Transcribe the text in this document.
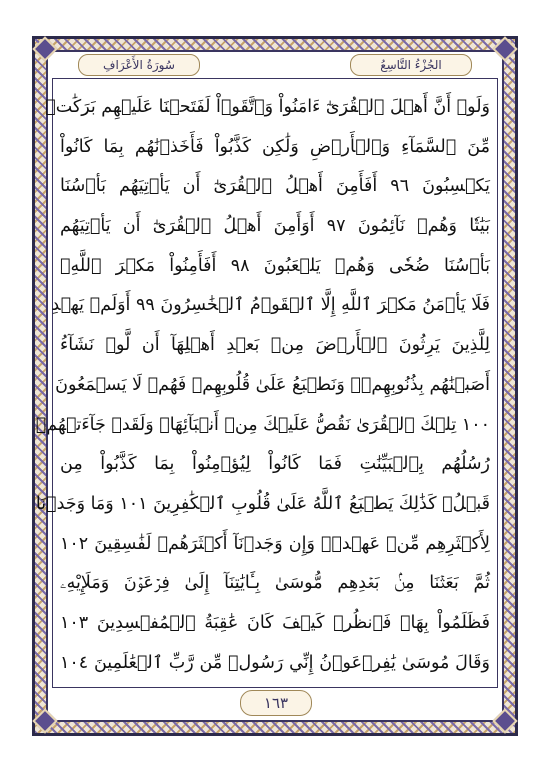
الجُزْءُ التَّاسِعُ
سُورَةُ الأَعْرَافِ
وَلَوۡ أَنَّ أَهۡلَ ٱلۡقُرَىٰٓ ءَامَنُواْ وَٱتَّقَوۡاْ لَفَتَحۡنَا عَلَيۡهِم بَرَكَٰتٖ
مِّنَ ٱلسَّمَآءِ وَٱلۡأَرۡضِ وَلَٰكِن كَذَّبُواْ فَأَخَذۡنَٰهُم بِمَا كَانُواْ
يَكۡسِبُونَ ٩٦ أَفَأَمِنَ أَهۡلُ ٱلۡقُرَىٰٓ أَن يَأۡتِيَهُم بَأۡسُنَا
بَيَٰتٗا وَهُمۡ نَآئِمُونَ ٩٧ أَوَأَمِنَ أَهۡلُ ٱلۡقُرَىٰٓ أَن يَأۡتِيَهُم
بَأۡسُنَا ضُحٗى وَهُمۡ يَلۡعَبُونَ ٩٨ أَفَأَمِنُواْ مَكۡرَ ٱللَّهِۚ
فَلَا يَأۡمَنُ مَكۡرَ ٱللَّهِ إِلَّا ٱلۡقَوۡمُ ٱلۡخَٰسِرُونَ ٩٩ أَوَلَمۡ يَهۡدِ
لِلَّذِينَ يَرِثُونَ ٱلۡأَرۡضَ مِنۢ بَعۡدِ أَهۡلِهَآ أَن لَّوۡ نَشَآءُ
أَصَبۡنَٰهُم بِذُنُوبِهِمۡۚ وَنَطۡبَعُ عَلَىٰ قُلُوبِهِمۡ فَهُمۡ لَا يَسۡمَعُونَ
١٠٠ تِلۡكَ ٱلۡقُرَىٰ نَقُصُّ عَلَيۡكَ مِنۡ أَنۢبَآئِهَاۚ وَلَقَدۡ جَآءَتۡهُمۡ
رُسُلُهُم بِٱلۡبَيِّنَٰتِ فَمَا كَانُواْ لِيُؤۡمِنُواْ بِمَا كَذَّبُواْ مِن
قَبۡلُۚ كَذَٰلِكَ يَطۡبَعُ ٱللَّهُ عَلَىٰ قُلُوبِ ٱلۡكَٰفِرِينَ ١٠١ وَمَا وَجَدۡنَا
لِأَكۡثَرِهِم مِّنۡ عَهۡدٖۖ وَإِن وَجَدۡنَآ أَكۡثَرَهُمۡ لَفَٰسِقِينَ ١٠٢
ثُمَّ بَعَثۡنَا مِنۢ بَعۡدِهِم مُّوسَىٰ بِـَٔايَٰتِنَآ إِلَىٰ فِرۡعَوۡنَ وَمَلَإِيْهِۦ
فَظَلَمُواْ بِهَاۖ فَٱنظُرۡ كَيۡفَ كَانَ عَٰقِبَةُ ٱلۡمُفۡسِدِينَ ١٠٣
وَقَالَ مُوسَىٰ يَٰفِرۡعَوۡنُ إِنِّي رَسُولٞ مِّن رَّبِّ ٱلۡعَٰلَمِينَ ١٠٤
١٦٣
